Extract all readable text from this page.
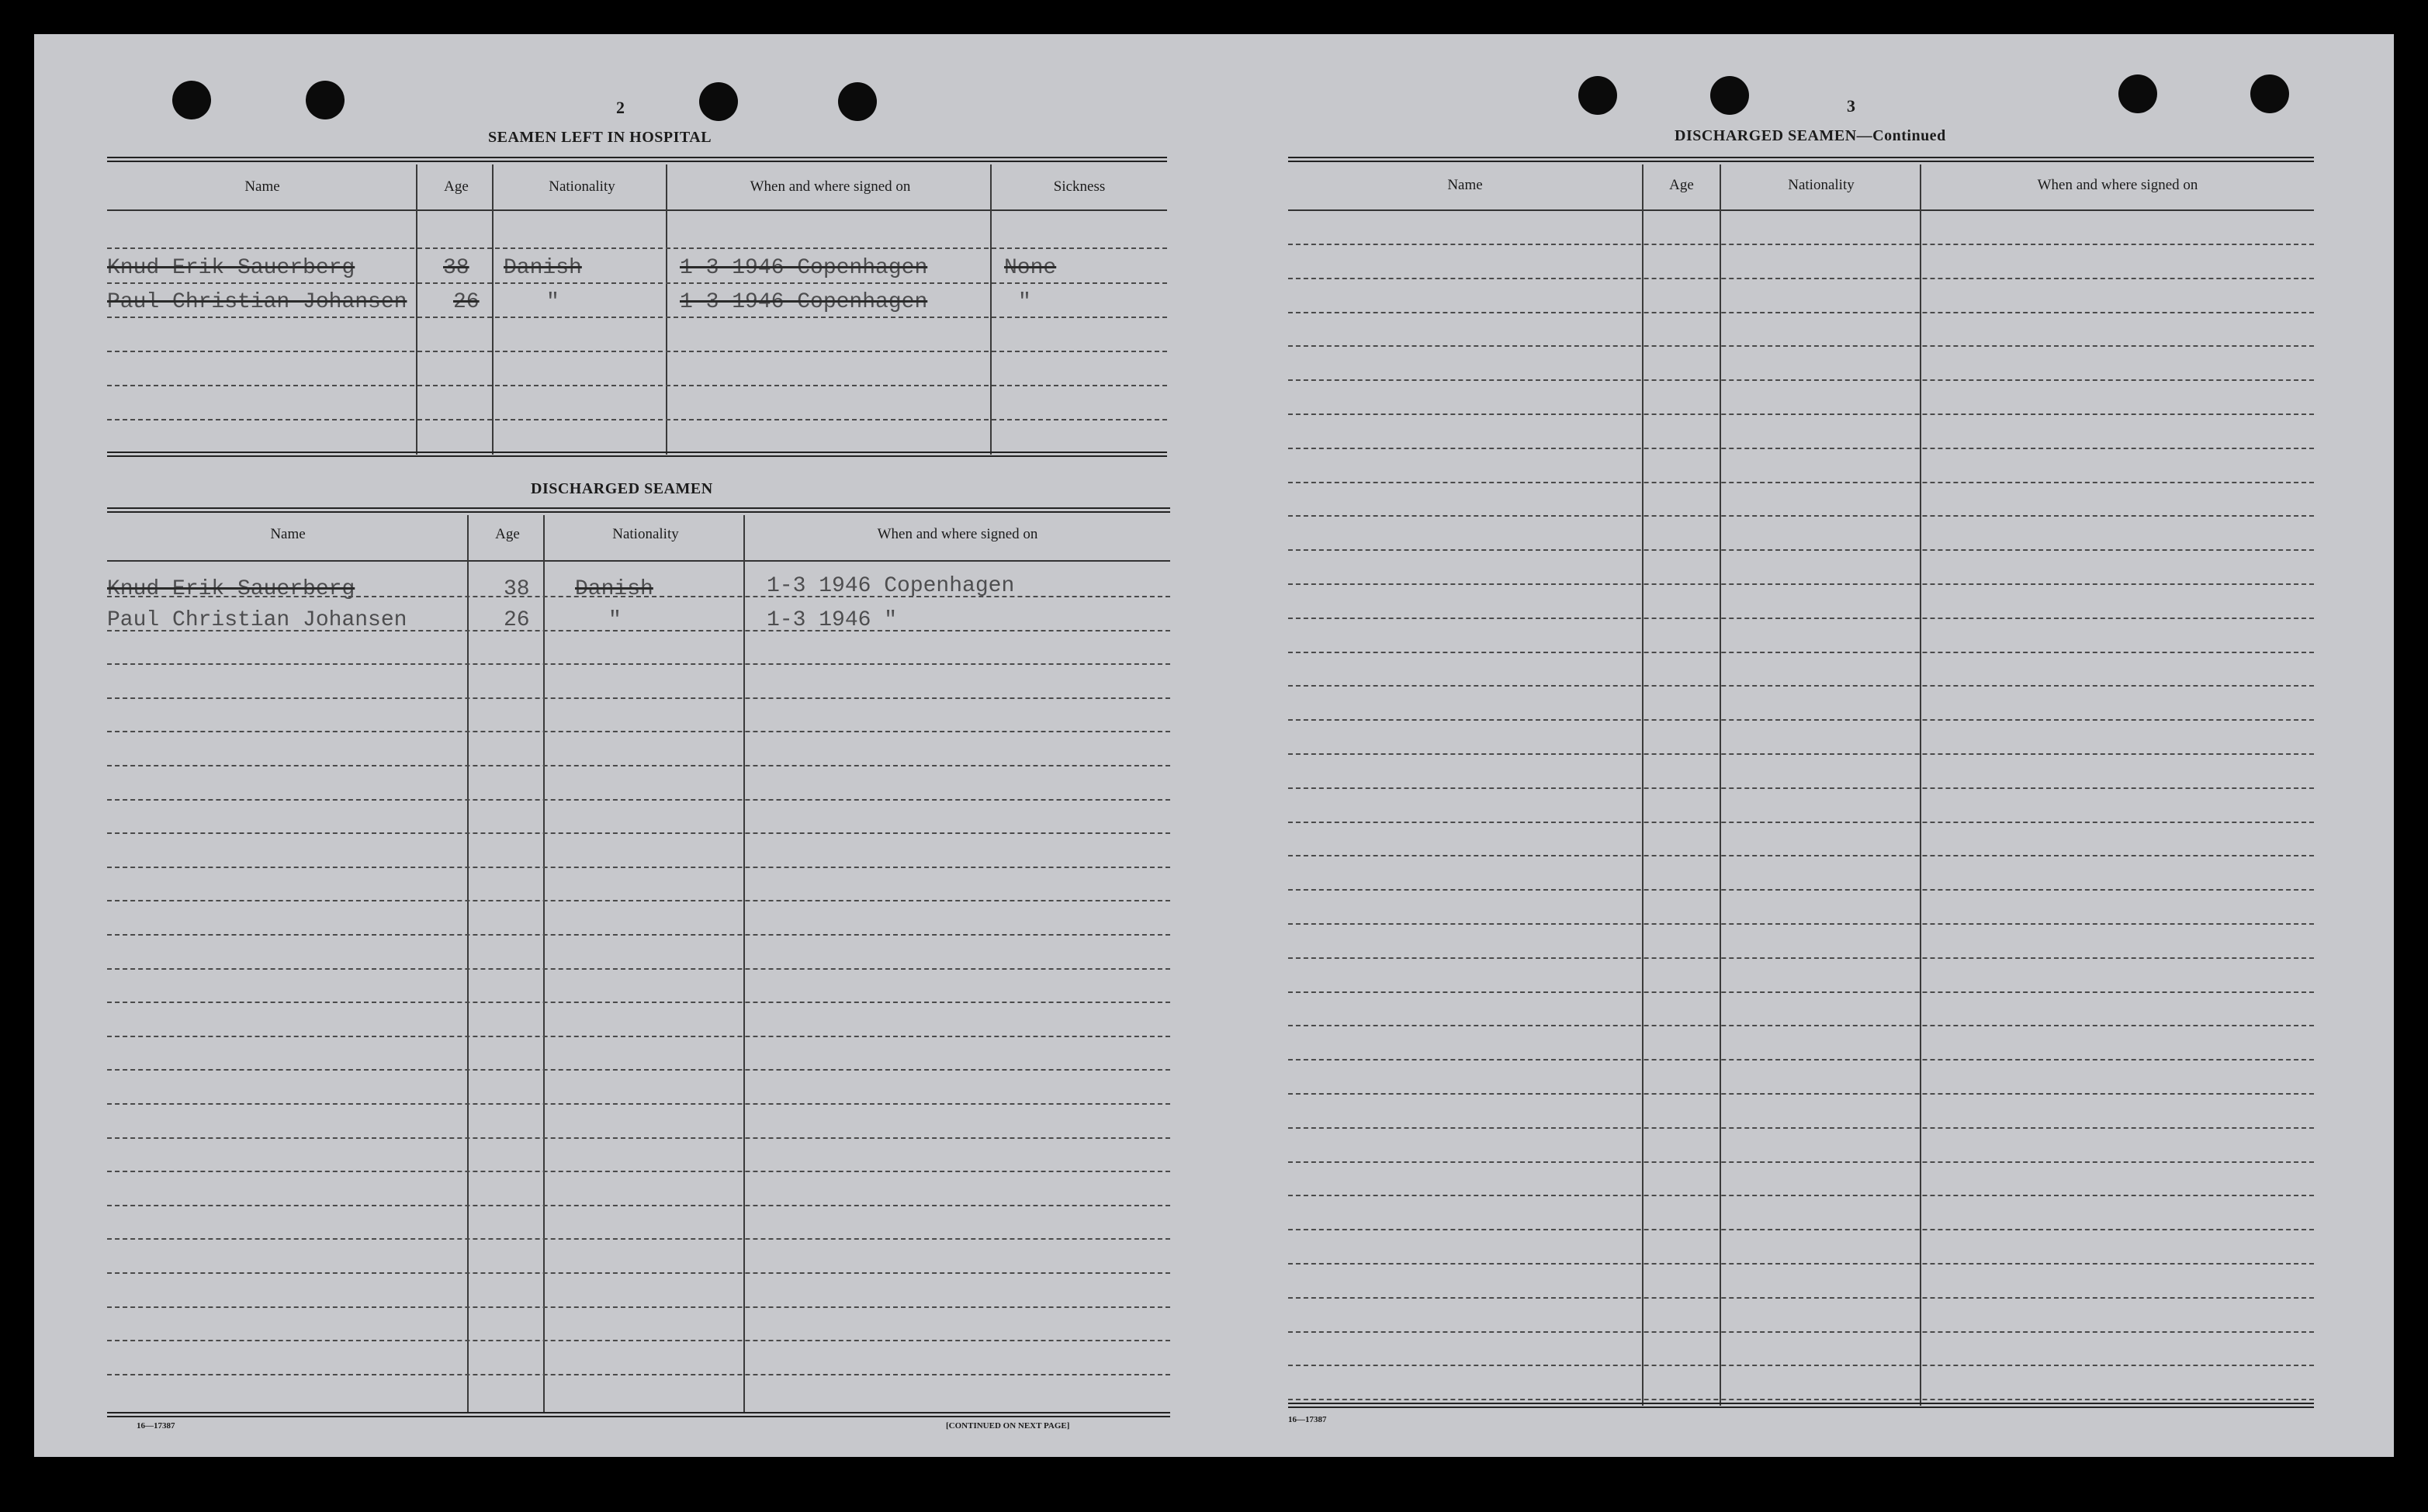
2
SEAMEN LEFT IN HOSPITAL
Name	Age	Nationality	When and where signed on	Sickness
Knud Erik Sauerberg	38 Danish	1-3 1946 Copenhagen	None
Paul Christian Johansen 26	"	1-3 1946 Copenhagen	"
DISCHARGED SEAMEN
Name	Age	Nationality	When and where signed on
Knud Erik Sauerberg	38 Danish	1-3 1946 Copenhagen
Paul Christian Johansen	26	"	1-3 1946 "
16—17387	[CONTINUED ON NEXT PAGE]
3
DISCHARGED SEAMEN—Continued
Name	Age	Nationality	When and where signed on
16—17387
